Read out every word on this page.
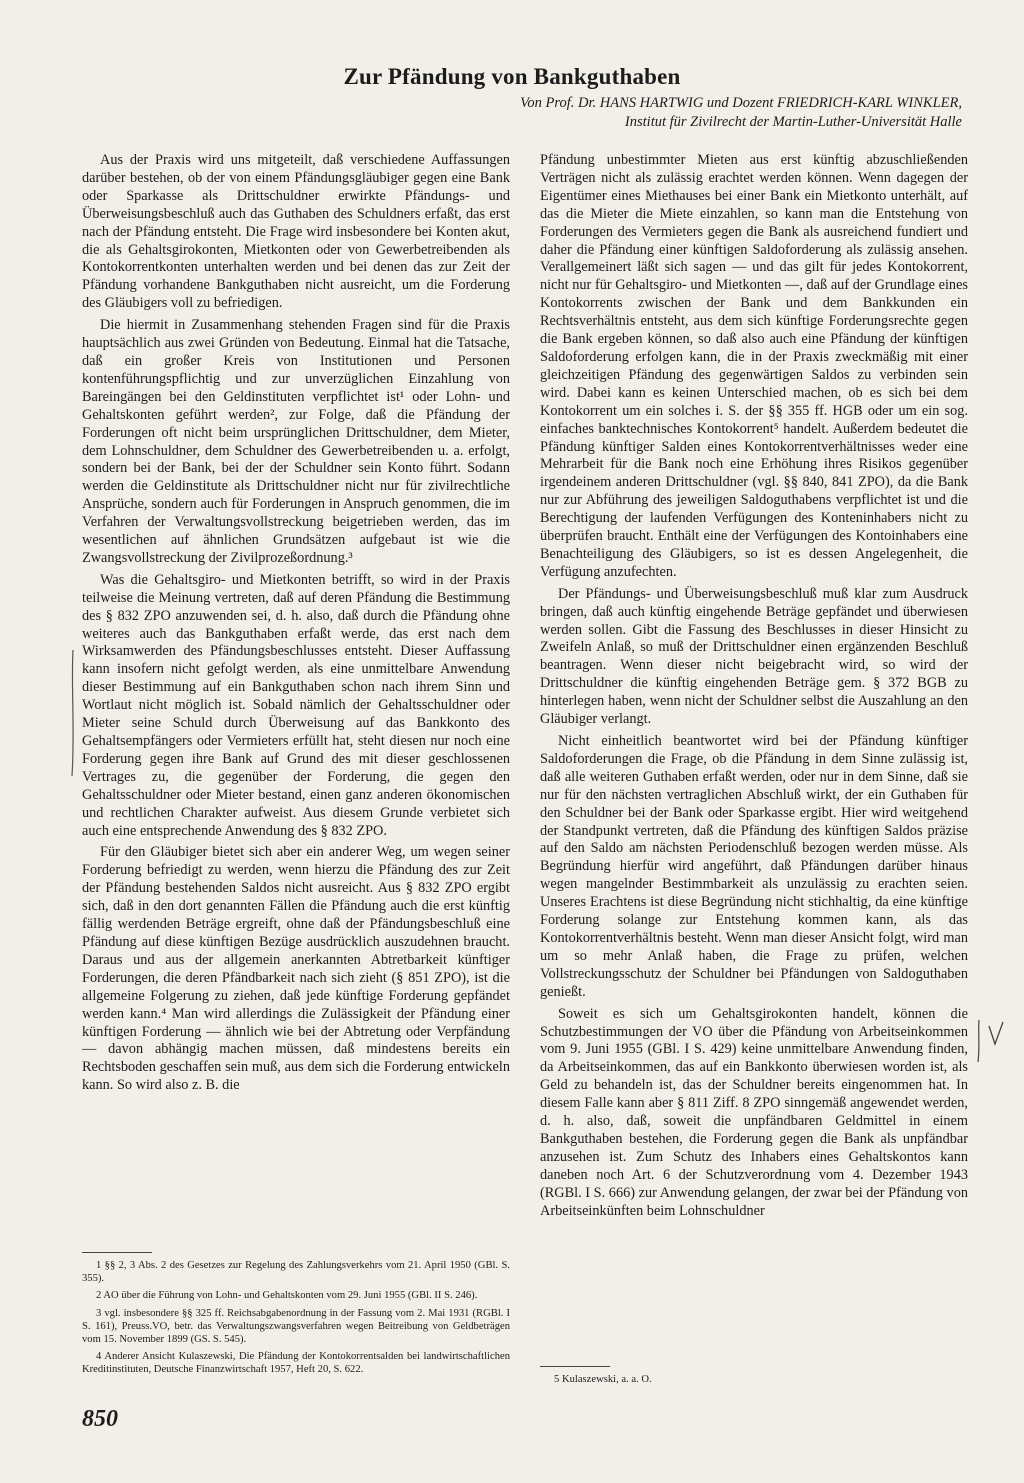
Zur Pfändung von Bankguthaben
Von Prof. Dr. HANS HARTWIG und Dozent FRIEDRICH-KARL WINKLER,
Institut für Zivilrecht der Martin-Luther-Universität Halle

Aus der Praxis wird uns mitgeteilt, daß verschiedene Auffassungen darüber bestehen, ob der von einem Pfändungsgläubiger gegen eine Bank oder Sparkasse als Drittschuldner erwirkte Pfändungs- und Überweisungsbeschluß auch das Guthaben des Schuldners erfaßt, das erst nach der Pfändung entsteht. Die Frage wird insbesondere bei Konten akut, die als Gehaltsgirokonten, Mietkonten oder von Gewerbetreibenden als Kontokorrentkonten unterhalten werden und bei denen das zur Zeit der Pfändung vorhandene Bankguthaben nicht ausreicht, um die Forderung des Gläubigers voll zu befriedigen.

Die hiermit in Zusammenhang stehenden Fragen sind für die Praxis hauptsächlich aus zwei Gründen von Bedeutung. Einmal hat die Tatsache, daß ein großer Kreis von Institutionen und Personen kontenführungspflichtig und zur unverzüglichen Einzahlung von Bareingängen bei den Geldinstituten verpflichtet ist¹ oder Lohn- und Gehaltskonten geführt werden², zur Folge, daß die Pfändung der Forderungen oft nicht beim ursprünglichen Drittschuldner, dem Mieter, dem Lohnschuldner, dem Schuldner des Gewerbetreibenden u. a. erfolgt, sondern bei der Bank, bei der der Schuldner sein Konto führt. Sodann werden die Geldinstitute als Drittschuldner nicht nur für zivilrechtliche Ansprüche, sondern auch für Forderungen in Anspruch genommen, die im Verfahren der Verwaltungsvollstreckung beigetrieben werden, das im wesentlichen auf ähnlichen Grundsätzen aufgebaut ist wie die Zwangsvollstreckung der Zivilprozeßordnung.³

Was die Gehaltsgiro- und Mietkonten betrifft, so wird in der Praxis teilweise die Meinung vertreten, daß auf deren Pfändung die Bestimmung des § 832 ZPO anzuwenden sei, d. h. also, daß durch die Pfändung ohne weiteres auch das Bankguthaben erfaßt werde, das erst nach dem Wirksamwerden des Pfändungsbeschlusses entsteht. Dieser Auffassung kann insofern nicht gefolgt werden, als eine unmittelbare Anwendung dieser Bestimmung auf ein Bankguthaben schon nach ihrem Sinn und Wortlaut nicht möglich ist. Sobald nämlich der Gehaltsschuldner oder Mieter seine Schuld durch Überweisung auf das Bankkonto des Gehaltsempfängers oder Vermieters erfüllt hat, steht diesen nur noch eine Forderung gegen ihre Bank auf Grund des mit dieser geschlossenen Vertrages zu, die gegenüber der Forderung, die gegen den Gehaltsschuldner oder Mieter bestand, einen ganz anderen ökonomischen und rechtlichen Charakter aufweist. Aus diesem Grunde verbietet sich auch eine entsprechende Anwendung des § 832 ZPO.

Für den Gläubiger bietet sich aber ein anderer Weg, um wegen seiner Forderung befriedigt zu werden, wenn hierzu die Pfändung des zur Zeit der Pfändung bestehenden Saldos nicht ausreicht. Aus § 832 ZPO ergibt sich, daß in den dort genannten Fällen die Pfändung auch die erst künftig fällig werdenden Beträge ergreift, ohne daß der Pfändungsbeschluß eine Pfändung auf diese künftigen Bezüge ausdrücklich auszudehnen braucht. Daraus und aus der allgemein anerkannten Abtretbarkeit künftiger Forderungen, die deren Pfändbarkeit nach sich zieht (§ 851 ZPO), ist die allgemeine Folgerung zu ziehen, daß jede künftige Forderung gepfändet werden kann.⁴ Man wird allerdings die Zulässigkeit der Pfändung einer künftigen Forderung — ähnlich wie bei der Abtretung oder Verpfändung — davon abhängig machen müssen, daß mindestens bereits ein Rechtsboden geschaffen sein muß, aus dem sich die Forderung entwickeln kann. So wird also z. B. die

Pfändung unbestimmter Mieten aus erst künftig abzuschließenden Verträgen nicht als zulässig erachtet werden können. Wenn dagegen der Eigentümer eines Miethauses bei einer Bank ein Mietkonto unterhält, auf das die Mieter die Miete einzahlen, so kann man die Entstehung von Forderungen des Vermieters gegen die Bank als ausreichend fundiert und daher die Pfändung einer künftigen Saldoforderung als zulässig ansehen. Verallgemeinert läßt sich sagen — und das gilt für jedes Kontokorrent, nicht nur für Gehaltsgiro- und Mietkonten —, daß auf der Grundlage eines Kontokorrents zwischen der Bank und dem Bankkunden ein Rechtsverhältnis entsteht, aus dem sich künftige Forderungsrechte gegen die Bank ergeben können, so daß also auch eine Pfändung der künftigen Saldoforderung erfolgen kann, die in der Praxis zweckmäßig mit einer gleichzeitigen Pfändung des gegenwärtigen Saldos zu verbinden sein wird. Dabei kann es keinen Unterschied machen, ob es sich bei dem Kontokorrent um ein solches i. S. der §§ 355 ff. HGB oder um ein sog. einfaches banktechnisches Kontokorrent⁵ handelt. Außerdem bedeutet die Pfändung künftiger Salden eines Kontokorrentverhältnisses weder eine Mehrarbeit für die Bank noch eine Erhöhung ihres Risikos gegenüber irgendeinem anderen Drittschuldner (vgl. §§ 840, 841 ZPO), da die Bank nur zur Abführung des jeweiligen Saldoguthabens verpflichtet ist und die Berechtigung der laufenden Verfügungen des Konteninhabers nicht zu überprüfen braucht. Enthält eine der Verfügungen des Kontoinhabers eine Benachteiligung des Gläubigers, so ist es dessen Angelegenheit, die Verfügung anzufechten.

Der Pfändungs- und Überweisungsbeschluß muß klar zum Ausdruck bringen, daß auch künftig eingehende Beträge gepfändet und überwiesen werden sollen. Gibt die Fassung des Beschlusses in dieser Hinsicht zu Zweifeln Anlaß, so muß der Drittschuldner einen ergänzenden Beschluß beantragen. Wenn dieser nicht beigebracht wird, so wird der Drittschuldner die künftig eingehenden Beträge gem. § 372 BGB zu hinterlegen haben, wenn nicht der Schuldner selbst die Auszahlung an den Gläubiger verlangt.

Nicht einheitlich beantwortet wird bei der Pfändung künftiger Saldoforderungen die Frage, ob die Pfändung in dem Sinne zulässig ist, daß alle weiteren Guthaben erfaßt werden, oder nur in dem Sinne, daß sie nur für den nächsten vertraglichen Abschluß wirkt, der ein Guthaben für den Schuldner bei der Bank oder Sparkasse ergibt. Hier wird weitgehend der Standpunkt vertreten, daß die Pfändung des künftigen Saldos präzise auf den Saldo am nächsten Periodenschluß bezogen werden müsse. Als Begründung hierfür wird angeführt, daß Pfändungen darüber hinaus wegen mangelnder Bestimmbarkeit als unzulässig zu erachten seien. Unseres Erachtens ist diese Begründung nicht stichhaltig, da eine künftige Forderung solange zur Entstehung kommen kann, als das Kontokorrentverhältnis besteht. Wenn man dieser Ansicht folgt, wird man um so mehr Anlaß haben, die Frage zu prüfen, welchen Vollstreckungsschutz der Schuldner bei Pfändungen von Saldoguthaben genießt.

Soweit es sich um Gehaltsgirokonten handelt, können die Schutzbestimmungen der VO über die Pfändung von Arbeitseinkommen vom 9. Juni 1955 (GBl. I S. 429) keine unmittelbare Anwendung finden, da Arbeitseinkommen, das auf ein Bankkonto überwiesen worden ist, als Geld zu behandeln ist, das der Schuldner bereits eingenommen hat. In diesem Falle kann aber § 811 Ziff. 8 ZPO sinngemäß angewendet werden, d. h. also, daß, soweit die unpfändbaren Geldmittel in einem Bankguthaben bestehen, die Forderung gegen die Bank als unpfändbar anzusehen ist. Zum Schutz des Inhabers eines Gehaltskontos kann daneben noch Art. 6 der Schutzverordnung vom 4. Dezember 1943 (RGBl. I S. 666) zur Anwendung gelangen, der zwar bei der Pfändung von Arbeitseinkünften beim Lohnschuldner

1 §§ 2, 3 Abs. 2 des Gesetzes zur Regelung des Zahlungsverkehrs vom 21. April 1950 (GBl. S. 355).

2 AO über die Führung von Lohn- und Gehaltskonten vom 29. Juni 1955 (GBl. II S. 246).

3 vgl. insbesondere §§ 325 ff. Reichsabgabenordnung in der Fassung vom 2. Mai 1931 (RGBl. I S. 161), Preuss.VO, betr. das Verwaltungszwangsverfahren wegen Beitreibung von Geldbeträgen vom 15. November 1899 (GS. S. 545).

4 Anderer Ansicht Kulaszewski, Die Pfändung der Kontokorrentsalden bei landwirtschaftlichen Kreditinstituten, Deutsche Finanzwirtschaft 1957, Heft 20, S. 622.

5 Kulaszewski, a. a. O.

850
